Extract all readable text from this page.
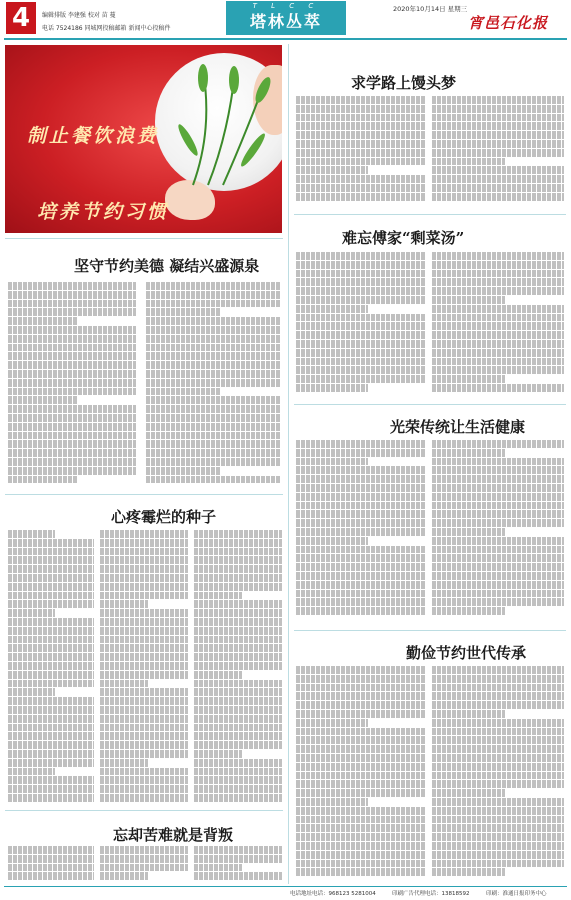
4	编辑排版 李建强 校对 苗 蔓
电话 7524186 同城网投稿邮箱 新闻中心投稿件
T L C C
塔林丛萃
2020年10月14日 星期三
宵邑石化报
制止餐饮浪费
培养节约习惯
求学路上馒头梦
难忘傅家“剩菜汤”
坚守节约美德 凝结兴盛源泉
光荣传统让生活健康
心疼霉烂的种子
勤俭节约世代传承
忘却苦难就是背叛
电话地址电话：968123 5281004	印刷广告代理电话：13818592	印刷：淮通日报印务中心
